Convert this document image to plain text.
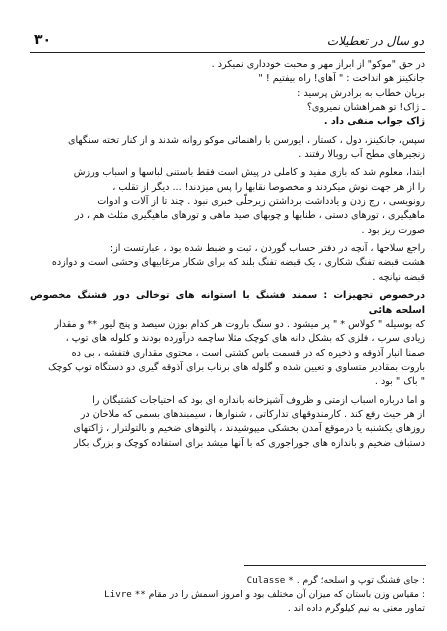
۳۰	دو سال در تعطیلات

در حق "موکو" از ابراز مهر و محبت خودداری نمیکرد .

جانکینز هو انداخت : " آهای! راه بیفتیم ! "

بریان خطاب به برادرش پرسید :

ـ ژاک! تو همراهشان نمیروی؟

ژاک جواب منفی داد .

سپس، جانکینز، دول ، کستار ، ایورسن با راهنمائی موکو روانه شدند و از کنار تخته سنگهای

زنجیرهای مطح آب روبالا رفتند .

ابتدا، معلوم شد که بازی مفید و کاملی در پیش است فقط باستنی لباسها و اسباب ورزش

را از هر جهت نوش میکردند و مخصوصا نقابها را پس میزدند! ... دیگر از تقلب ،

رونویسی ، رج زدن و یادداشت برداشتن زیرحلّی خبری نبود . چند تا از آلات و ادوات

ماهیگیری ، تورهای دستی ، طنابها و چوبهای صید ماهی و تورهای ماهیگیری مثلث هم ، در

صورت ریز بود .

راجع سلاحها ، آنچه در دفتر حساب گوردن ، ثبت و ضبط شده بود ، عبارتست از:

هشت قبضه تفنگ شکاری ، یک قبضه تفنگ بلند که برای شکار مرغابیهای وحشی است و دوازده

قبضه نپانچه .

درخصوص تجهیزات : سمند فشنگ با استوانه های توخالی دور فشنگ مخصوص اسلحه هائی

که بوسیله " کولاس * " پر میشود . دو سنگ باروت هر کدام بوزن سیصد و پنج لیور ** و مقدار

زیادی سرب ، فلزی که بشکل دانه های کوچک مثلا ساچمه درآورده بودند و کلوله های توپ ،

صمنا انبار آذوقه و ذخیره که در قسمت باس کشتی است ، محتوی مقداری فتفشه ، بی ده

باروت بمقادیر متساوی و تعیین شده و گلوله های برناب برای آذوقه گیری دو دستگاه توپ کوچک

" باک " بود .

و اما درباره اسباب ازمتی و ظروف آشپزخانه باندازه ای بود که احتیاجات کشتیگان را

از هر حیث رفع کند . کارمندوقهای تدارکاتی ، شنوارها ، سیمبندهای بسمی که ملاحان در

روزهای یکشنبه یا درموقع آمدن بخشکی میپوشیدند ، پالتوهای ضخیم و بالتولترار ، ژاکتهای

دستباف ضخیم و باندازه های جوراجوری که با آنها میشد برای استفاده کوچک و بزرگ بکار

: جای فشنگ توپ و اسلحه؛ گرم . Culasse *

: مقیاس وزن باستان که میزان آن مختلف بود و امروز اسمش را در مقام Livre **

تماور معنی به نیم کیلوگرم داده اند .
